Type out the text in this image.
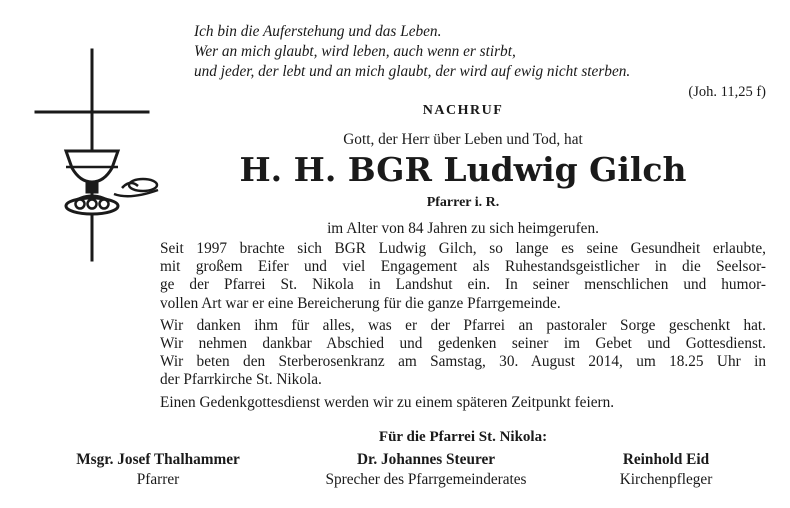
Ich bin die Auferstehung und das Leben.
Wer an mich glaubt, wird leben, auch wenn er stirbt,
und jeder, der lebt und an mich glaubt, der wird auf ewig nicht sterben.
(Joh. 11,25 f)
NACHRUF
Gott, der Herr über Leben und Tod, hat
H. H. BGR Ludwig Gilch
Pfarrer i. R.
im Alter von 84 Jahren zu sich heimgerufen.

Seit 1997 brachte sich BGR Ludwig Gilch, so lange es seine Gesundheit erlaubte,
mit großem Eifer und viel Engagement als Ruhestandsgeistlicher in die Seelsor-
ge der Pfarrei St. Nikola in Landshut ein. In seiner menschlichen und humor-
vollen Art war er eine Bereicherung für die ganze Pfarrgemeinde.

Wir danken ihm für alles, was er der Pfarrei an pastoraler Sorge geschenkt hat.
Wir nehmen dankbar Abschied und gedenken seiner im Gebet und Gottesdienst.
Wir beten den Sterberosenkranz am Samstag, 30. August 2014, um 18.25 Uhr in
der Pfarrkirche St. Nikola.

Einen Gedenkgottesdienst werden wir zu einem späteren Zeitpunkt feiern.

Für die Pfarrei St. Nikola:
Msgr. Josef Thalhammer
Pfarrer
Dr. Johannes Steurer
Sprecher des Pfarrgemeinderates
Reinhold Eid
Kirchenpfleger
